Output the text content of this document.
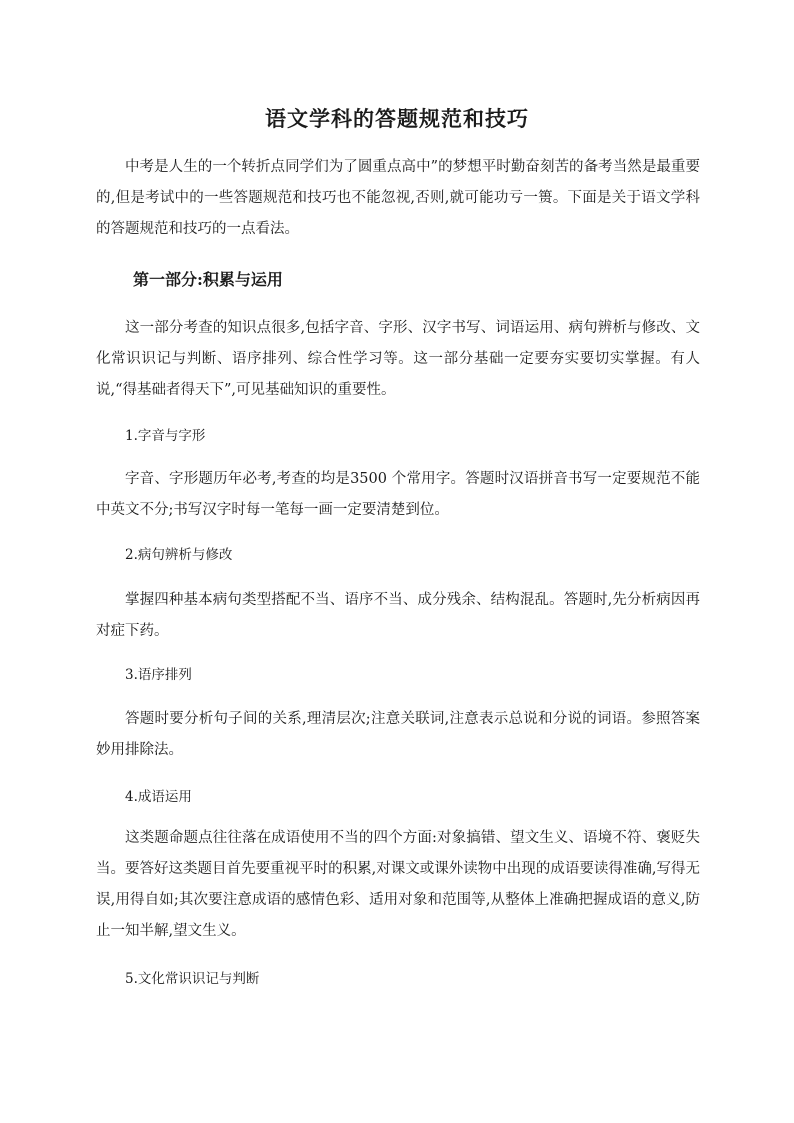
语文学科的答题规范和技巧

中考是人生的一个转折点同学们为了圆重点高中”的梦想平时勤奋刻苦的备考当然是最重要的,但是考试中的一些答题规范和技巧也不能忽视,否则,就可能功亏一篑。下面是关于语文学科的答题规范和技巧的一点看法。

第一部分:积累与运用

这一部分考查的知识点很多,包括字音、字形、汉字书写、词语运用、病句辨析与修改、文化常识识记与判断、语序排列、综合性学习等。这一部分基础一定要夯实要切实掌握。有人说,“得基础者得天下”,可见基础知识的重要性。

1.字音与字形

字音、字形题历年必考,考查的均是3500 个常用字。答题时汉语拼音书写一定要规范不能中英文不分;书写汉字时每一笔每一画一定要清楚到位。

2.病句辨析与修改

掌握四种基本病句类型搭配不当、语序不当、成分残余、结构混乱。答题时,先分析病因再对症下药。

3.语序排列

答题时要分析句子间的关系,理清层次;注意关联词,注意表示总说和分说的词语。参照答案妙用排除法。

4.成语运用

这类题命题点往往落在成语使用不当的四个方面:对象搞错、望文生义、语境不符、褒贬失当。要答好这类题目首先要重视平时的积累,对课文或课外读物中出现的成语要读得准确,写得无误,用得自如;其次要注意成语的感情色彩、适用对象和范围等,从整体上准确把握成语的意义,防止一知半解,望文生义。

5.文化常识识记与判断
